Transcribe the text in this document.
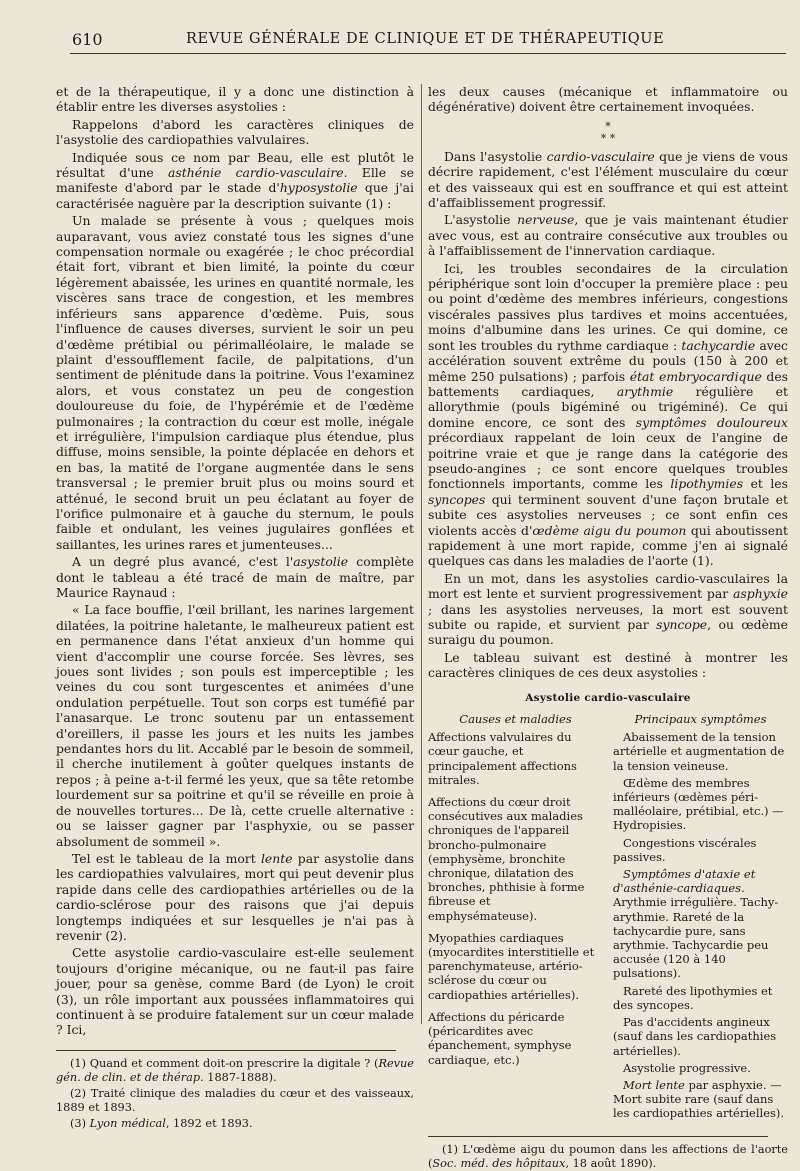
610	REVUE GÉNÉRALE DE CLINIQUE ET DE THÉRAPEUTIQUE

et de la thérapeutique, il y a donc une distinction à établir entre les diverses asystolies :

Rappelons d'abord les caractères cliniques de l'asystolie des cardiopathies valvulaires.

Indiquée sous ce nom par Beau, elle est plutôt le résultat d'une asthénie cardio-vasculaire. Elle se manifeste d'abord par le stade d'hyposystolie que j'ai caractérisée naguère par la description suivante (1) :

Un malade se présente à vous ; quelques mois auparavant, vous aviez constaté tous les signes d'une compensation normale ou exagérée ; le choc précordial était fort, vibrant et bien limité, la pointe du cœur légèrement abaissée, les urines en quantité normale, les viscères sans trace de congestion, et les membres inférieurs sans apparence d'œdème. Puis, sous l'influence de causes diverses, survient le soir un peu d'œdème prétibial ou périmalléolaire, le malade se plaint d'essoufflement facile, de palpitations, d'un sentiment de plénitude dans la poitrine. Vous l'examinez alors, et vous constatez un peu de congestion douloureuse du foie, de l'hypérémie et de l'œdème pulmonaires ; la contraction du cœur est molle, inégale et irrégulière, l'impulsion cardiaque plus étendue, plus diffuse, moins sensible, la pointe déplacée en dehors et en bas, la matité de l'organe augmentée dans le sens transversal ; le premier bruit plus ou moins sourd et atténué, le second bruit un peu éclatant au foyer de l'orifice pulmonaire et à gauche du sternum, le pouls faible et ondulant, les veines jugulaires gonflées et saillantes, les urines rares et jumenteuses...

A un degré plus avancé, c'est l'asystolie complète dont le tableau a été tracé de main de maître, par Maurice Raynaud :

« La face bouffie, l'œil brillant, les narines largement dilatées, la poitrine haletante, le malheureux patient est en permanence dans l'état anxieux d'un homme qui vient d'accomplir une course forcée. Ses lèvres, ses joues sont livides ; son pouls est imperceptible ; les veines du cou sont turgescentes et animées d'une ondulation perpétuelle. Tout son corps est tuméfié par l'anasarque. Le tronc soutenu par un entassement d'oreillers, il passe les jours et les nuits les jambes pendantes hors du lit. Accablé par le besoin de sommeil, il cherche inutilement à goûter quelques instants de repos ; à peine a-t-il fermé les yeux, que sa tête retombe lourdement sur sa poitrine et qu'il se réveille en proie à de nouvelles tortures... De là, cette cruelle alternative : ou se laisser gagner par l'asphyxie, ou se passer absolument de sommeil ».

Tel est le tableau de la mort lente par asystolie dans les cardiopathies valvulaires, mort qui peut devenir plus rapide dans celle des cardiopathies artérielles ou de la cardio-sclérose pour des raisons que j'ai depuis longtemps indiquées et sur lesquelles je n'ai pas à revenir (2).

Cette asystolie cardio-vasculaire est-elle seulement toujours d'origine mécanique, ou ne faut-il pas faire jouer, pour sa genèse, comme Bard (de Lyon) le croit (3), un rôle important aux poussées inflammatoires qui continuent à se produire fatalement sur un cœur malade ? Ici,

(1) Quand et comment doit-on prescrire la digitale ? (Revue gén. de clin. et de thérap. 1887-1888).

(2) Traité clinique des maladies du cœur et des vaisseaux, 1889 et 1893.

(3) Lyon médical, 1892 et 1893.

les deux causes (mécanique et inflammatoire ou dégénérative) doivent être certainement invoquées.

*
* *

Dans l'asystolie cardio-vasculaire que je viens de vous décrire rapidement, c'est l'élément musculaire du cœur et des vaisseaux qui est en souffrance et qui est atteint d'affaiblissement progressif.

L'asystolie nerveuse, que je vais maintenant étudier avec vous, est au contraire consécutive aux troubles ou à l'affaiblissement de l'innervation cardiaque.

Ici, les troubles secondaires de la circulation périphérique sont loin d'occuper la première place : peu ou point d'œdème des membres inférieurs, congestions viscérales passives plus tardives et moins accentuées, moins d'albumine dans les urines. Ce qui domine, ce sont les troubles du rythme cardiaque : tachycardie avec accélération souvent extrême du pouls (150 à 200 et même 250 pulsations) ; parfois état embryocardique des battements cardiaques, arythmie régulière et allorythmie (pouls bigéminé ou trigéminé). Ce qui domine encore, ce sont des symptômes douloureux précordiaux rappelant de loin ceux de l'angine de poitrine vraie et que je range dans la catégorie des pseudo-angines ; ce sont encore quelques troubles fonctionnels importants, comme les lipothymies et les syncopes qui terminent souvent d'une façon brutale et subite ces asystolies nerveuses ; ce sont enfin ces violents accès d'œdème aigu du poumon qui aboutissent rapidement à une mort rapide, comme j'en ai signalé quelques cas dans les maladies de l'aorte (1).

En un mot, dans les asystolies cardio-vasculaires la mort est lente et survient progressivement par asphyxie ; dans les asystolies nerveuses, la mort est souvent subite ou rapide, et survient par syncope, ou œdème suraigu du poumon.

Le tableau suivant est destiné à montrer les caractères cliniques de ces deux asystolies :

Asystolie cardio-vasculaire
Causes et maladies
Affections valvulaires du cœur gauche, et principalement affections mitrales.
Affections du cœur droit consécutives aux maladies chroniques de l'appareil broncho-pulmonaire (emphysème, bronchite chronique, dilatation des bronches, phthisie à forme fibreuse et emphysémateuse).
Myopathies cardiaques (myocardites interstitielle et parenchymateuse, artério-sclérose du cœur ou cardiopathies artérielles).
Affections du péricarde (péricardites avec épanchement, symphyse cardiaque, etc.)
Principaux symptômes
Abaissement de la tension artérielle et augmentation de la tension veineuse.
Œdème des membres inférieurs (œdèmes péri-malléolaire, prétibial, etc.) — Hydropisies.
Congestions viscérales passives.
Symptômes d'ataxie et d'asthénie-cardiaques. Arythmie irrégulière. Tachy-arythmie. Rareté de la tachycardie pure, sans arythmie. Tachycardie peu accusée (120 à 140 pulsations).
Rareté des lipothymies et des syncopes.
Pas d'accidents angineux (sauf dans les cardiopathies artérielles).
Asystolie progressive.
Mort lente par asphyxie. — Mort subite rare (sauf dans les cardiopathies artérielles).

(1) L'œdème aigu du poumon dans les affections de l'aorte (Soc. méd. des hôpitaux, 18 août 1890).
